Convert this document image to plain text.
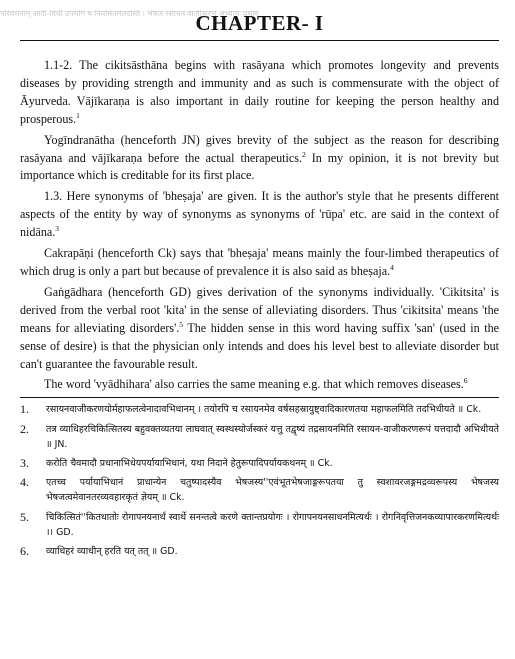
परिवर्धनान् आदी-विधीं उपयोगं च नियमितमेतदस्ति । भेषजं रसायनं वाजीकरणं अध्यायः प्रथमः
CHAPTER- I

1.1-2. The cikitsāsthāna begins with rasāyana which promotes longevity and prevents diseases by providing strength and immunity and as such is commensurate with the object of Āyurveda. Vājīkaraṇa is also important in daily routine for keeping the person healthy and prosperous.$^1$

Yogīndranātha (henceforth JN) gives brevity of the subject as the reason for describing rasāyana and vājīkaraṇa before the actual therapeutics.$^2$ In my opinion, it is not brevity but importance which is creditable for its first place.

1.3. Here synonyms of 'bheṣaja' are given. It is the author's style that he presents different aspects of the entity by way of synonyms as synonyms of 'rūpa' etc. are said in the context of nidāna.$^3$

Cakrapāṇi (henceforth Ck) says that 'bheṣaja' means mainly the four-limbed therapeutics of which drug is only a part but because of prevalence it is also said as bheṣaja.$^4$

Gaṅgādhara (henceforth GD) gives derivation of the synonyms individually. 'Cikitsita' is derived from the verbal root 'kita' in the sense of alleviating disorders. Thus 'cikitsita' means 'the means for alleviating disorders'.$^5$ The hidden sense in this word having suffix 'san' (used in the sense of desire) is that the physician only intends and does his level best to alleviate disorder but can't guarantee the favourable result.

The word 'vyādhihara' also carries the same meaning e.g. that which removes diseases.$^6$

1.	रसायनवाजीकरणयोर्महाफलत्वेनादावभिधानम् । तयोरपि च रसायनमेव वर्षसहस्रायुष्ट्वादिकारणतया महाफलमिति तदभिधीयते ॥ Ck.
2.	तत्र व्याधिहरचिकित्सितस्य बहुवक्तव्यतया लाघवात् स्वस्थस्योर्जस्करं यत्तु तद्वृष्यं तद्रसायनमिति रसायन-वाजीकरणरूपं यत्तदादौ अभिधीयते ॥ JN.
3.	करोति चैवमादौ प्रधानाभिधेयपर्यायाभिधानं, यथा निदाने हेतुरूपादिपर्यायकथनम् ॥ Ck.
4.	एतच्च पर्यायाभिधानं प्राधान्येन चतुष्पादस्यैव भेषजस्य''एवंभूतभेषजाङ्गरूपतया तु स्वशावरजङ्गमद्रव्यरूपस्य भेषजस्य भेषजत्वमेवानतरव्यवहारकृतं ज्ञेयम् ॥ Ck.
5.	चिकित्सितं''कितधातोः रोगापनयनार्थं स्वार्थे सनन्तत्वे करणे क्तान्तप्रयोगः । रोगापनयनसाधनमित्यर्थः । रोगनिवृत्तिजनकव्यापारकरणमित्यर्थः ।। GD.
6.	व्याधिहरं व्याधीन् हरति यत् तत् ॥ GD.
